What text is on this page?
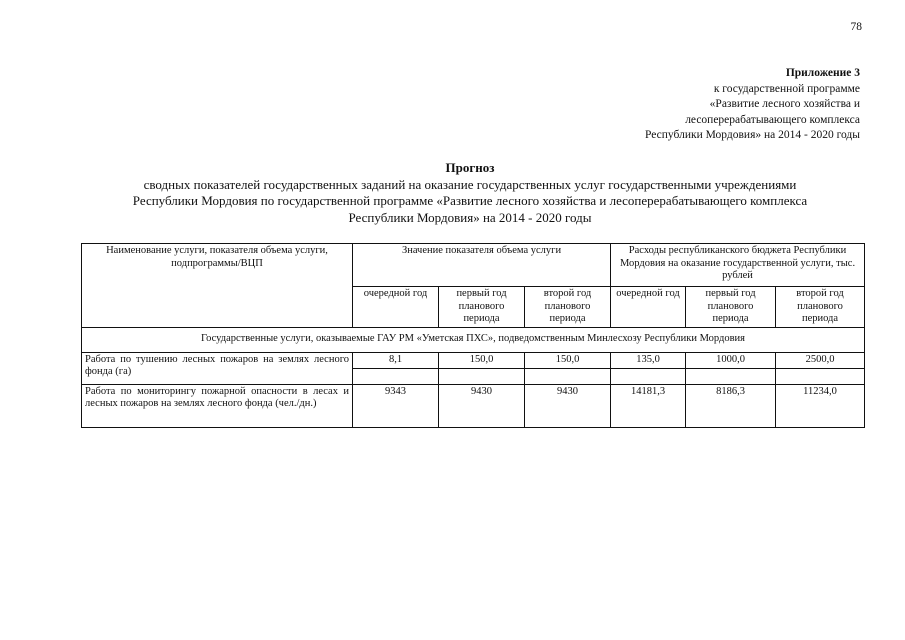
78
Приложение 3
к государственной программе
«Развитие лесного хозяйства и
лесоперерабатывающего комплекса
Республики Мордовия» на 2014 - 2020 годы
Прогноз
сводных показателей государственных заданий на оказание государственных услуг государственными учреждениями
Республики Мордовия по государственной программе «Развитие лесного хозяйства и лесоперерабатывающего комплекса
Республики Мордовия» на 2014 - 2020 годы
Наименование услуги, показателя объема услуги, подпрограммы/ВЦП	Значение показателя объема услуги			Расходы республиканского бюджета Республики Мордовия на оказание государственной услуги, тыс. рублей		
	очередной год	первый год планового периода	второй год планового периода	очередной год	первый год планового периода	второй год планового периода
Государственные услуги, оказываемые ГАУ РМ «Уметская ПХС», подведомственным Минлесхозу Республики Мордовия						
Работа по тушению лесных пожаров на землях лесного фонда (га)	8,1	150,0	150,0	135,0	1000,0	2500,0

Работа по мониторингу пожарной опасности в лесах и лесных пожаров на землях лесного фонда (чел./дн.)	9343	9430	9430	14181,3	8186,3	11234,0
